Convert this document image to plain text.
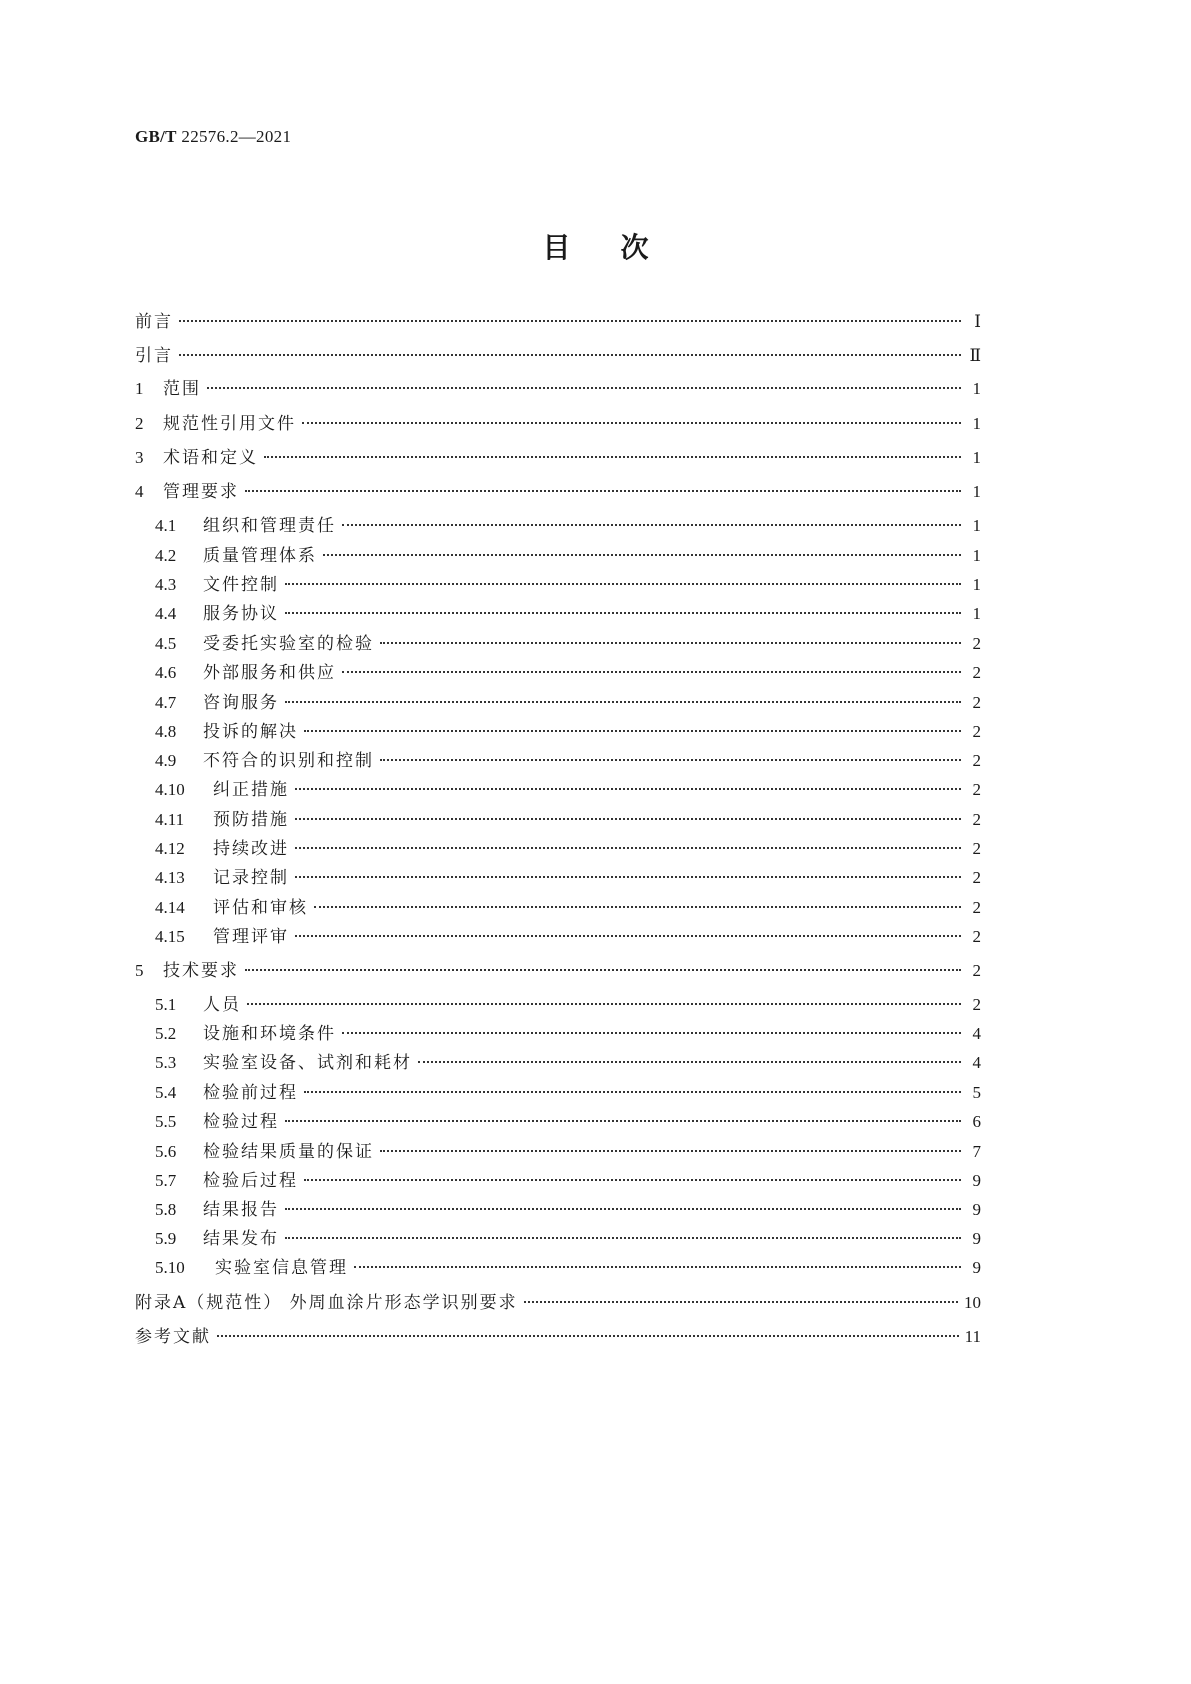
GB/T 22576.2—2021
目次
前言	Ⅰ
引言	Ⅱ
1	范围	1
2	规范性引用文件	1
3	术语和定义	1
4	管理要求	1
4.1	组织和管理责任	1
4.2	质量管理体系	1
4.3	文件控制	1
4.4	服务协议	1
4.5	受委托实验室的检验	2
4.6	外部服务和供应	2
4.7	咨询服务	2
4.8	投诉的解决	2
4.9	不符合的识别和控制	2
4.10	纠正措施	2
4.11	预防措施	2
4.12	持续改进	2
4.13	记录控制	2
4.14	评估和审核	2
4.15	管理评审	2
5	技术要求	2
5.1	人员	2
5.2	设施和环境条件	4
5.3	实验室设备、试剂和耗材	4
5.4	检验前过程	5
5.5	检验过程	6
5.6	检验结果质量的保证	7
5.7	检验后过程	9
5.8	结果报告	9
5.9	结果发布	9
5.10	实验室信息管理	9
附录A（规范性） 外周血涂片形态学识别要求	10
参考文献	11
